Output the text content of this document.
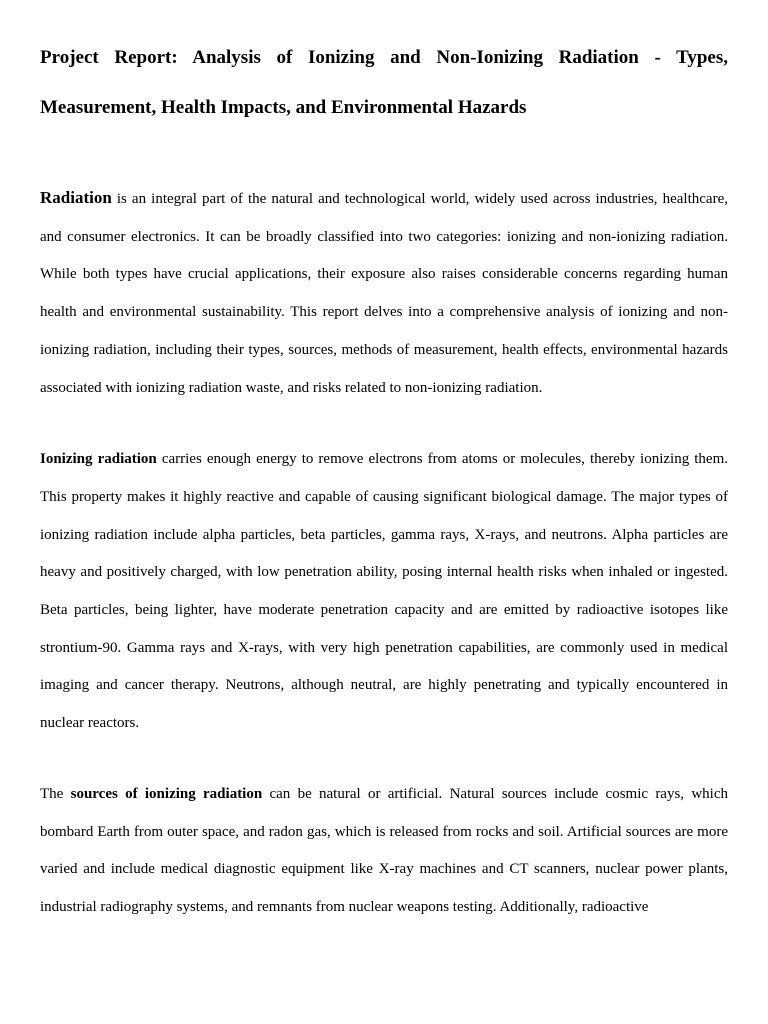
Project Report: Analysis of Ionizing and Non-Ionizing Radiation - Types, Measurement, Health Impacts, and Environmental Hazards

Radiation is an integral part of the natural and technological world, widely used across industries, healthcare, and consumer electronics. It can be broadly classified into two categories: ionizing and non-ionizing radiation. While both types have crucial applications, their exposure also raises considerable concerns regarding human health and environmental sustainability. This report delves into a comprehensive analysis of ionizing and non-ionizing radiation, including their types, sources, methods of measurement, health effects, environmental hazards associated with ionizing radiation waste, and risks related to non-ionizing radiation.

Ionizing radiation carries enough energy to remove electrons from atoms or molecules, thereby ionizing them. This property makes it highly reactive and capable of causing significant biological damage. The major types of ionizing radiation include alpha particles, beta particles, gamma rays, X-rays, and neutrons. Alpha particles are heavy and positively charged, with low penetration ability, posing internal health risks when inhaled or ingested. Beta particles, being lighter, have moderate penetration capacity and are emitted by radioactive isotopes like strontium-90. Gamma rays and X-rays, with very high penetration capabilities, are commonly used in medical imaging and cancer therapy. Neutrons, although neutral, are highly penetrating and typically encountered in nuclear reactors.

The sources of ionizing radiation can be natural or artificial. Natural sources include cosmic rays, which bombard Earth from outer space, and radon gas, which is released from rocks and soil. Artificial sources are more varied and include medical diagnostic equipment like X-ray machines and CT scanners, nuclear power plants, industrial radiography systems, and remnants from nuclear weapons testing. Additionally, radioactive
